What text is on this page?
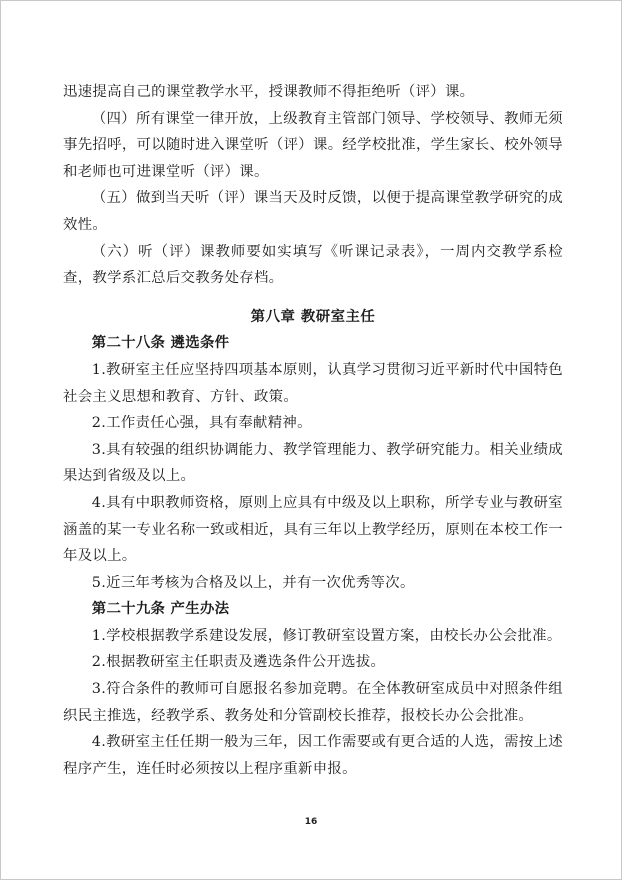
迅速提高自己的课堂教学水平，授课教师不得拒绝听（评）课。

（四）所有课堂一律开放，上级教育主管部门领导、学校领导、教师无须事先招呼，可以随时进入课堂听（评）课。经学校批准，学生家长、校外领导和老师也可进课堂听（评）课。

（五）做到当天听（评）课当天及时反馈，以便于提高课堂教学研究的成效性。

（六）听（评）课教师要如实填写《听课记录表》，一周内交教学系检查，教学系汇总后交教务处存档。

第八章 教研室主任

第二十八条 遴选条件

1.教研室主任应坚持四项基本原则，认真学习贯彻习近平新时代中国特色社会主义思想和教育、方针、政策。

2.工作责任心强，具有奉献精神。

3.具有较强的组织协调能力、教学管理能力、教学研究能力。相关业绩成果达到省级及以上。

4.具有中职教师资格，原则上应具有中级及以上职称，所学专业与教研室涵盖的某一专业名称一致或相近，具有三年以上教学经历，原则在本校工作一年及以上。

5.近三年考核为合格及以上，并有一次优秀等次。

第二十九条 产生办法

1.学校根据教学系建设发展，修订教研室设置方案，由校长办公会批准。

2.根据教研室主任职责及遴选条件公开选拔。

3.符合条件的教师可自愿报名参加竞聘。在全体教研室成员中对照条件组织民主推选，经教学系、教务处和分管副校长推荐，报校长办公会批准。

4.教研室主任任期一般为三年，因工作需要或有更合适的人选，需按上述程序产生，连任时必须按以上程序重新申报。

16
